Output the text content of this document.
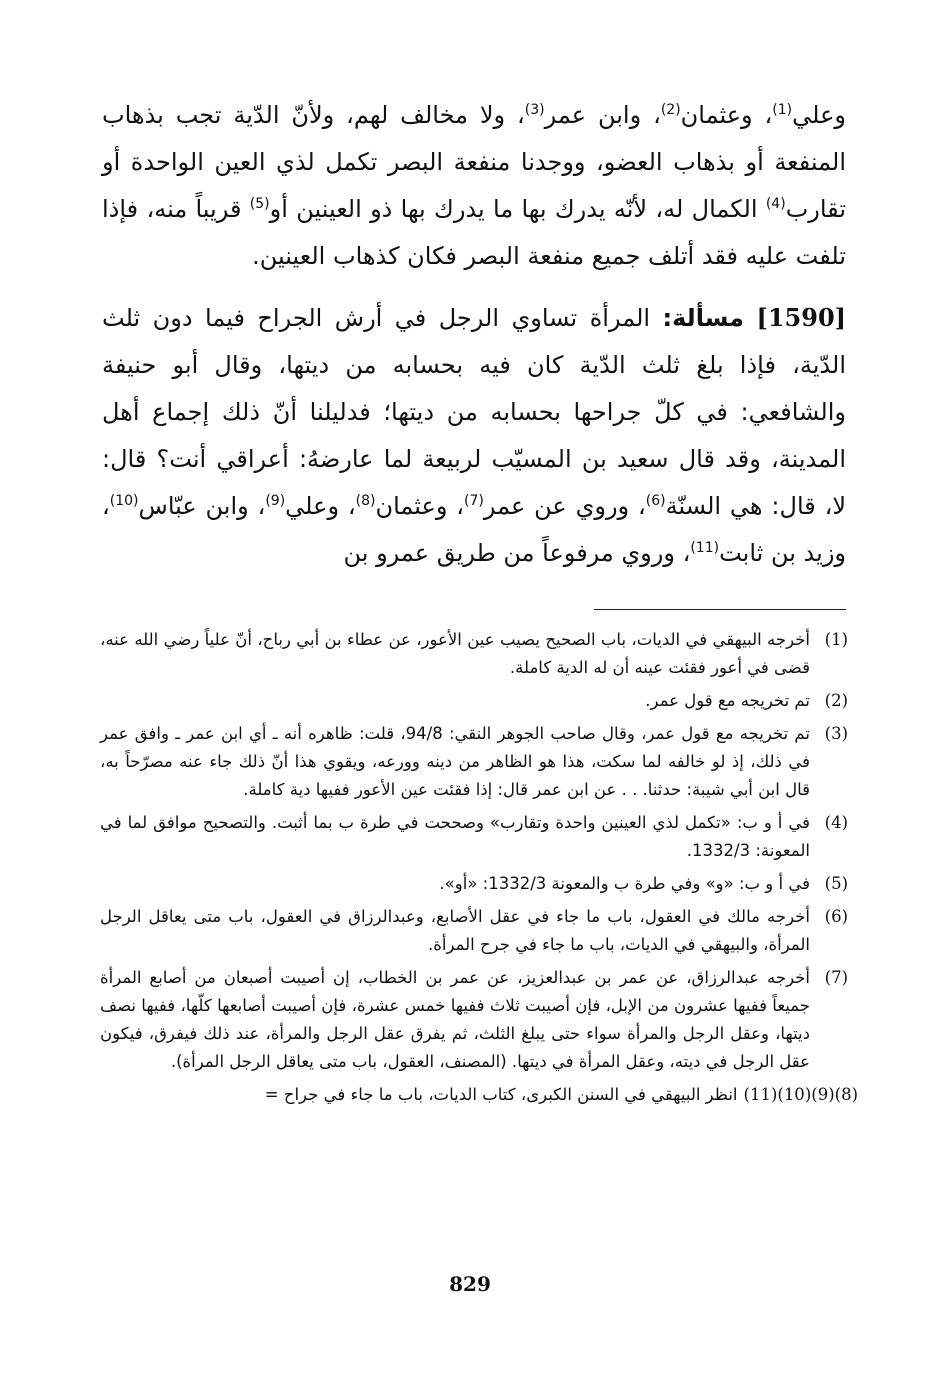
وعلي$^{(1)}$، وعثمان$^{(2)}$، وابن عمر$^{(3)}$، ولا مخالف لهم، ولأنّ الدّية تجب بذهاب المنفعة أو بذهاب العضو، ووجدنا منفعة البصر تكمل لذي العين الواحدة أو تقارب$^{(4)}$ الكمال له، لأنّه يدرك بها ما يدرك بها ذو العينين أو$^{(5)}$ قريباً منه، فإذا تلفت عليه فقد أتلف جميع منفعة البصر فكان كذهاب العينين.

[1590] مسألة: المرأة تساوي الرجل في أرش الجراح فيما دون ثلث الدّية، فإذا بلغ ثلث الدّية كان فيه بحسابه من ديتها، وقال أبو حنيفة والشافعي: في كلّ جراحها بحسابه من ديتها؛ فدليلنا أنّ ذلك إجماع أهل المدينة، وقد قال سعيد بن المسيّب لربيعة لما عارضهُ: أعراقي أنت؟ قال: لا، قال: هي السنّة$^{(6)}$، وروي عن عمر$^{(7)}$، وعثمان$^{(8)}$، وعلي$^{(9)}$، وابن عبّاس$^{(10)}$، وزيد بن ثابت$^{(11)}$، وروي مرفوعاً من طريق عمرو بن

(1)
أخرجه البيهقي في الديات، باب الصحيح يصيب عين الأعور، عن عطاء بن أبي رباح، أنّ علياً رضي الله عنه، قضى في أعور فقئت عينه أن له الدية كاملة.
(2)
تم تخريجه مع قول عمر.
(3)
تم تخريجه مع قول عمر، وقال صاحب الجوهر النقي: 94/8، قلت: ظاهره أنه ـ أي ابن عمر ـ وافق عمر في ذلك، إذ لو خالفه لما سكت، هذا هو الظاهر من دينه وورعه، ويقوي هذا أنّ ذلك جاء عنه مصرّحاً به، قال ابن أبي شيبة: حدثنا. . . عن ابن عمر قال: إذا فقئت عين الأعور ففيها دية كاملة.
(4)
في أ و ب: «تكمل لذي العينين واحدة وتقارب» وصححت في طرة ب بما أثبت. والتصحيح موافق لما في المعونة: 1332/3.
(5)
في أ و ب: «و» وفي طرة ب والمعونة 1332/3: «أو».
(6)
أخرجه مالك في العقول، باب ما جاء في عقل الأصابع، وعبدالرزاق في العقول، باب متى يعاقل الرجل المرأة، والبيهقي في الديات، باب ما جاء في جرح المرأة.
(7)
أخرجه عبدالرزاق، عن عمر بن عبدالعزيز، عن عمر بن الخطاب، إن أصيبت أصبعان من أصابع المرأة جميعاً ففيها عشرون من الإبل، فإن أصيبت ثلاث ففيها خمس عشرة، فإن أصيبت أصابعها كلّها، ففيها نصف ديتها، وعقل الرجل والمرأة سواء حتى يبلغ الثلث، ثم يفرق عقل الرجل والمرأة، عند ذلك فيفرق، فيكون عقل الرجل في ديته، وعقل المرأة في ديتها. (المصنف، العقول، باب متى يعاقل الرجل المرأة).
(8)(9)(10)(11)
انظر البيهقي في السنن الكبرى، كتاب الديات، باب ما جاء في جراح =
829
